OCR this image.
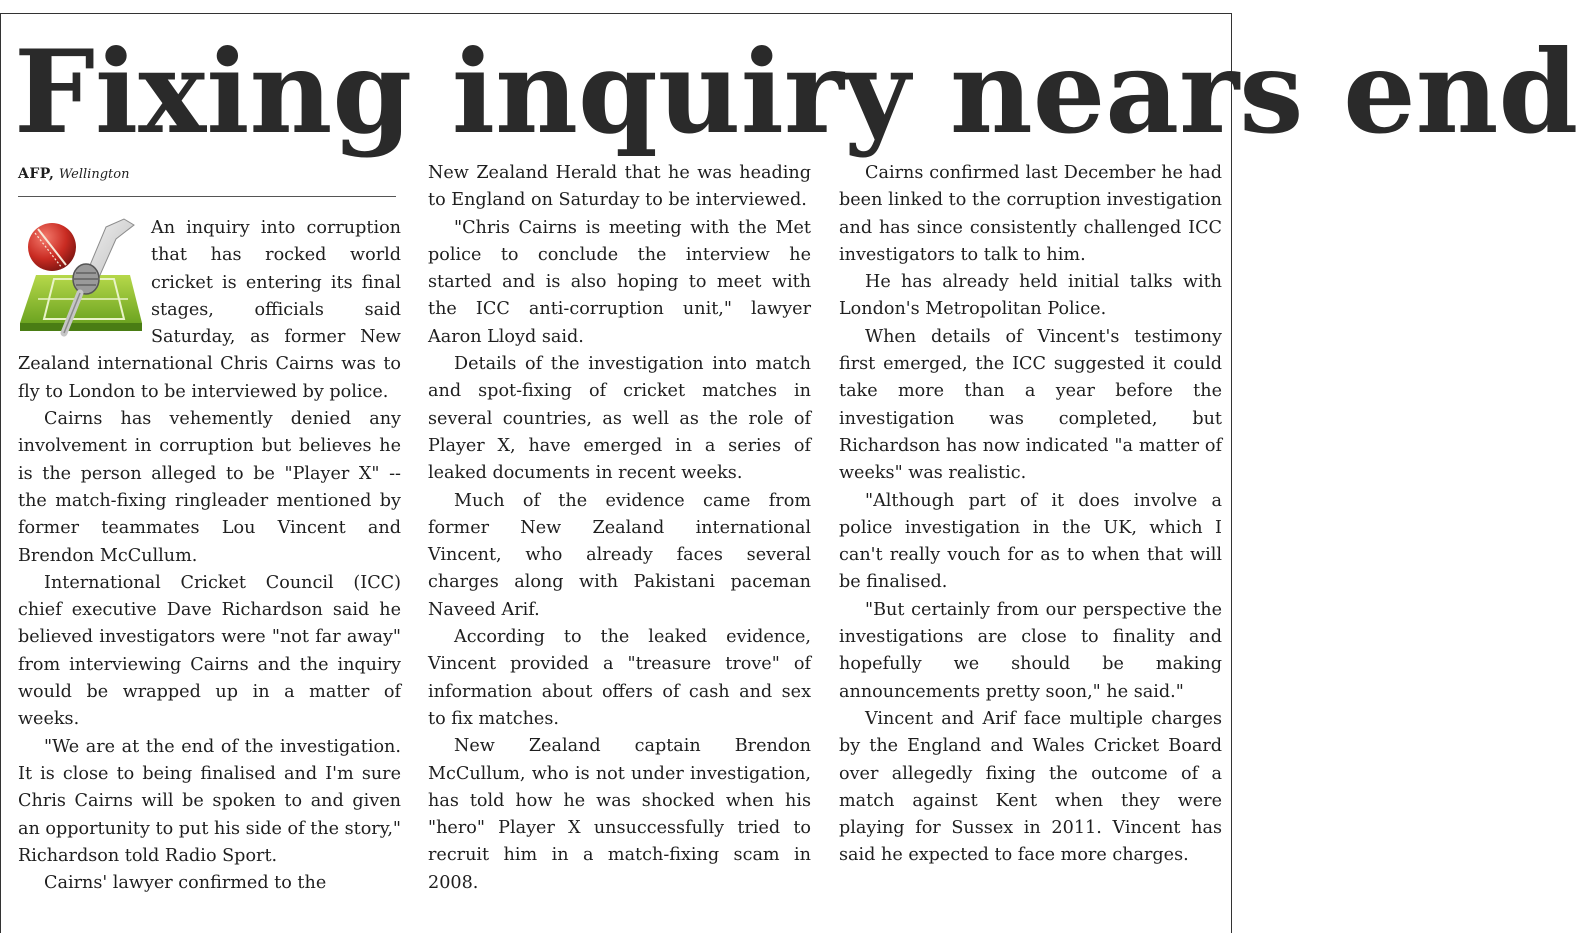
Fixing inquiry nears end
AFP, Wellington

An inquiry into corruption that has rocked world cricket is entering its final stages, officials said Saturday, as former New Zealand international Chris Cairns was to fly to London to be interviewed by police.

Cairns has vehemently denied any involvement in corruption but believes he is the person alleged to be "Player X" -- the match-fixing ringleader mentioned by former teammates Lou Vincent and Brendon McCullum.

International Cricket Council (ICC) chief executive Dave Richardson said he believed investigators were "not far away" from interviewing Cairns and the inquiry would be wrapped up in a matter of weeks.

"We are at the end of the investigation. It is close to being finalised and I'm sure Chris Cairns will be spoken to and given an opportunity to put his side of the story," Richardson told Radio Sport.

Cairns' lawyer confirmed to the

New Zealand Herald that he was heading to England on Saturday to be interviewed.

"Chris Cairns is meeting with the Met police to conclude the interview he started and is also hoping to meet with the ICC anti-corruption unit," lawyer Aaron Lloyd said.

Details of the investigation into match and spot-fixing of cricket matches in several countries, as well as the role of Player X, have emerged in a series of leaked documents in recent weeks.

Much of the evidence came from former New Zealand international Vincent, who already faces several charges along with Pakistani paceman Naveed Arif.

According to the leaked evidence, Vincent provided a "treasure trove" of information about offers of cash and sex to fix matches.

New Zealand captain Brendon McCullum, who is not under investigation, has told how he was shocked when his "hero" Player X unsuccessfully tried to recruit him in a match-fixing scam in 2008.

Cairns confirmed last December he had been linked to the corruption investigation and has since consistently challenged ICC investigators to talk to him.

He has already held initial talks with London's Metropolitan Police.

When details of Vincent's testimony first emerged, the ICC suggested it could take more than a year before the investigation was completed, but Richardson has now indicated "a matter of weeks" was realistic.

"Although part of it does involve a police investigation in the UK, which I can't really vouch for as to when that will be finalised.

"But certainly from our perspective the investigations are close to finality and hopefully we should be making announcements pretty soon," he said."

Vincent and Arif face multiple charges by the England and Wales Cricket Board over allegedly fixing the outcome of a match against Kent when they were playing for Sussex in 2011. Vincent has said he expected to face more charges.
